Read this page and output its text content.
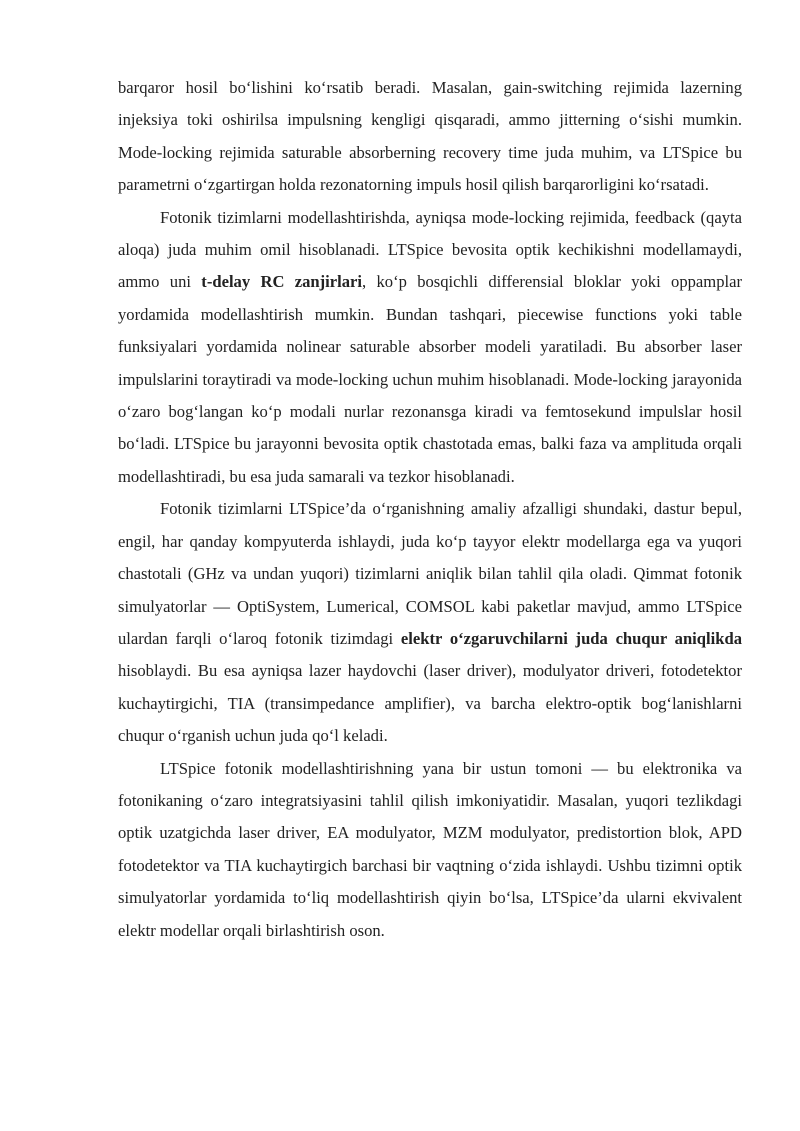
barqaror hosil bo‘lishini ko‘rsatib beradi. Masalan, gain-switching rejimida lazerning injeksiya toki oshirilsa impulsning kengligi qisqaradi, ammo jitterning o‘sishi mumkin. Mode-locking rejimida saturable absorberning recovery time juda muhim, va LTSpice bu parametrni o‘zgartirgan holda rezonatorning impuls hosil qilish barqarorligini ko‘rsatadi.

Fotonik tizimlarni modellashtirishda, ayniqsa mode-locking rejimida, feedback (qayta aloqa) juda muhim omil hisoblanadi. LTSpice bevosita optik kechikishni modellamaydi, ammo uni t-delay RC zanjirlari, ko‘p bosqichli differensial bloklar yoki oppamplar yordamida modellashtirish mumkin. Bundan tashqari, piecewise functions yoki table funksiyalari yordamida nolinear saturable absorber modeli yaratiladi. Bu absorber laser impulslarini toraytiradi va mode-locking uchun muhim hisoblanadi. Mode-locking jarayonida o‘zaro bog‘langan ko‘p modali nurlar rezonansga kiradi va femtosekund impulslar hosil bo‘ladi. LTSpice bu jarayonni bevosita optik chastotada emas, balki faza va amplituda orqali modellashtiradi, bu esa juda samarali va tezkor hisoblanadi.

Fotonik tizimlarni LTSpice’da o‘rganishning amaliy afzalligi shundaki, dastur bepul, engil, har qanday kompyuterda ishlaydi, juda ko‘p tayyor elektr modellarga ega va yuqori chastotali (GHz va undan yuqori) tizimlarni aniqlik bilan tahlil qila oladi. Qimmat fotonik simulyatorlar — OptiSystem, Lumerical, COMSOL kabi paketlar mavjud, ammo LTSpice ulardan farqli o‘laroq fotonik tizimdagi elektr o‘zgaruvchilarni juda chuqur aniqlikda hisoblaydi. Bu esa ayniqsa lazer haydovchi (laser driver), modulyator driveri, fotodetektor kuchaytirgichi, TIA (transimpedance amplifier), va barcha elektro-optik bog‘lanishlarni chuqur o‘rganish uchun juda qo‘l keladi.

LTSpice fotonik modellashtirishning yana bir ustun tomoni — bu elektronika va fotonikaning o‘zaro integratsiyasini tahlil qilish imkoniyatidir. Masalan, yuqori tezlikdagi optik uzatgichda laser driver, EA modulyator, MZM modulyator, predistortion blok, APD fotodetektor va TIA kuchaytirgich barchasi bir vaqtning o‘zida ishlaydi. Ushbu tizimni optik simulyatorlar yordamida to‘liq modellashtirish qiyin bo‘lsa, LTSpice’da ularni ekvivalent elektr modellar orqali birlashtirish oson.
